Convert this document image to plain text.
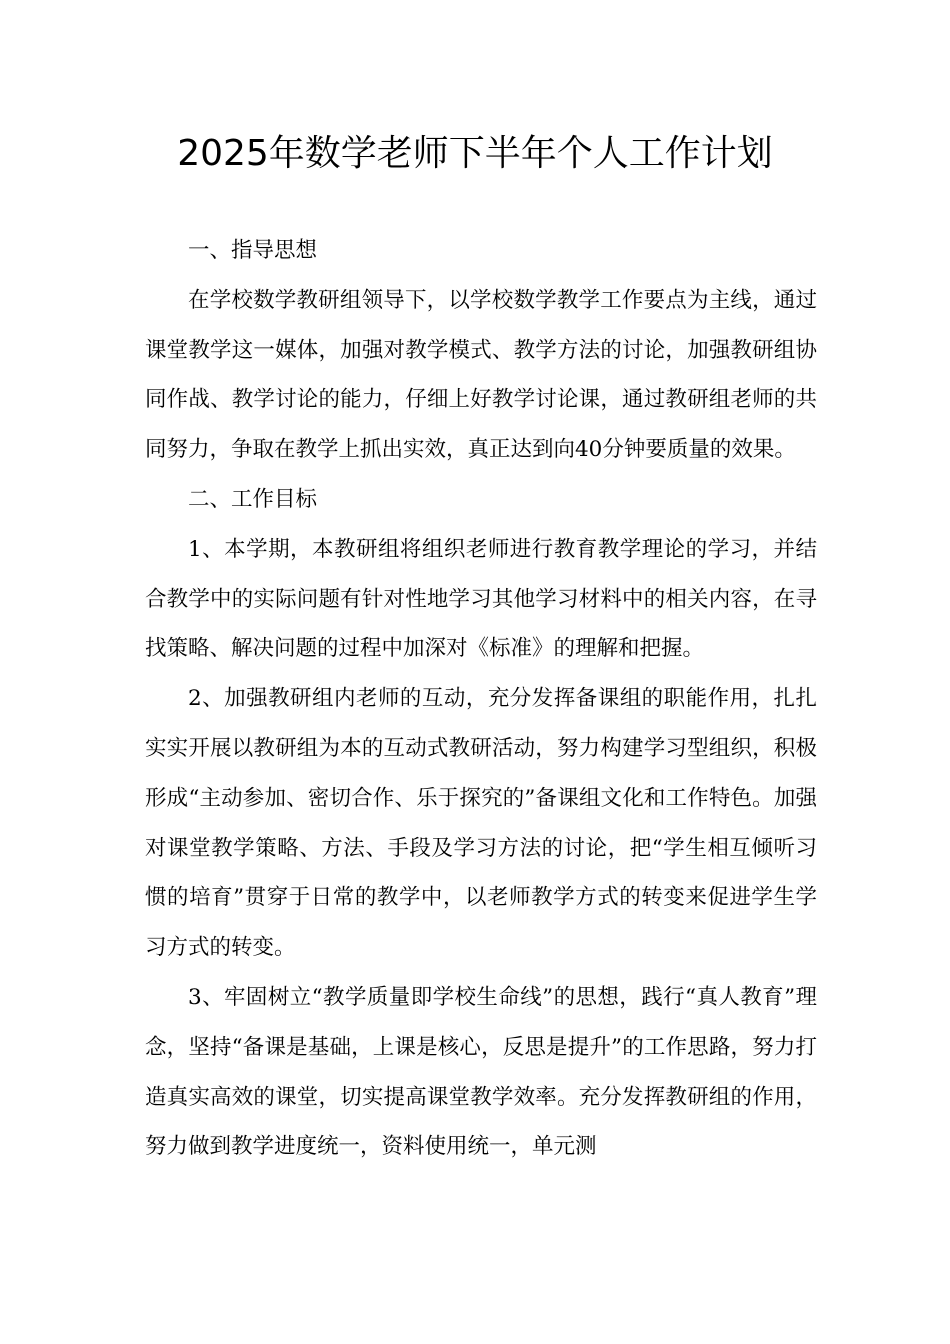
2025年数学老师下半年个人工作计划

一、指导思想

在学校数学教研组领导下，以学校数学教学工作要点为主线，通过课堂教学这一媒体，加强对教学模式、教学方法的讨论，加强教研组协同作战、教学讨论的能力，仔细上好教学讨论课，通过教研组老师的共同努力，争取在教学上抓出实效，真正达到向40分钟要质量的效果。

二、工作目标

1、本学期，本教研组将组织老师进行教育教学理论的学习，并结合教学中的实际问题有针对性地学习其他学习材料中的相关内容，在寻找策略、解决问题的过程中加深对《标准》的理解和把握。

2、加强教研组内老师的互动，充分发挥备课组的职能作用，扎扎实实开展以教研组为本的互动式教研活动，努力构建学习型组织，积极形成“主动参加、密切合作、乐于探究的”备课组文化和工作特色。加强对课堂教学策略、方法、手段及学习方法的讨论，把“学生相互倾听习惯的培育”贯穿于日常的教学中，以老师教学方式的转变来促进学生学习方式的转变。

3、牢固树立“教学质量即学校生命线”的思想，践行“真人教育”理念，坚持“备课是基础，上课是核心，反思是提升”的工作思路，努力打造真实高效的课堂，切实提高课堂教学效率。充分发挥教研组的作用，努力做到教学进度统一，资料使用统一，单元测
